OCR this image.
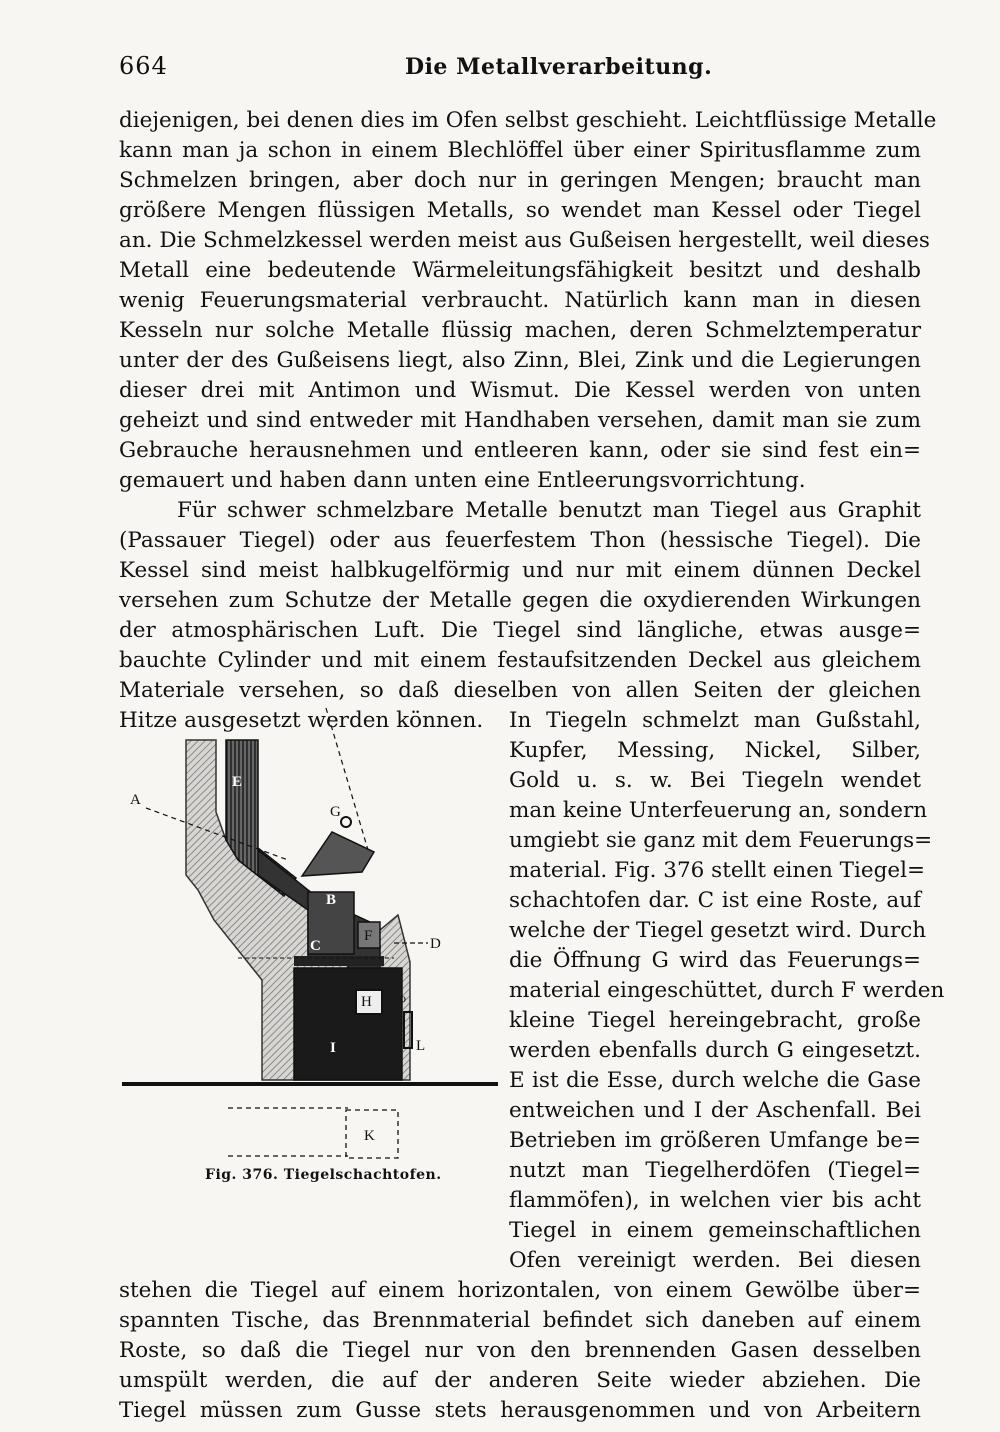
664	Die Metallverarbeitung.
diejenigen, bei denen dies im Ofen selbst geschieht. Leichtflüssige Metalle
kann man ja schon in einem Blechlöffel über einer Spiritusflamme zum
Schmelzen bringen, aber doch nur in geringen Mengen; braucht man
größere Mengen flüssigen Metalls, so wendet man Kessel oder Tiegel
an. Die Schmelzkessel werden meist aus Gußeisen hergestellt, weil dieses
Metall eine bedeutende Wärmeleitungsfähigkeit besitzt und deshalb
wenig Feuerungsmaterial verbraucht. Natürlich kann man in diesen
Kesseln nur solche Metalle flüssig machen, deren Schmelztemperatur
unter der des Gußeisens liegt, also Zinn, Blei, Zink und die Legierungen
dieser drei mit Antimon und Wismut. Die Kessel werden von unten
geheizt und sind entweder mit Handhaben versehen, damit man sie zum
Gebrauche herausnehmen und entleeren kann, oder sie sind fest ein=
gemauert und haben dann unten eine Entleerungsvorrichtung.
Für schwer schmelzbare Metalle benutzt man Tiegel aus Graphit
(Passauer Tiegel) oder aus feuerfestem Thon (hessische Tiegel). Die
Kessel sind meist halbkugelförmig und nur mit einem dünnen Deckel
versehen zum Schutze der Metalle gegen die oxydierenden Wirkungen
der atmosphärischen Luft. Die Tiegel sind längliche, etwas ausge=
bauchte Cylinder und mit einem festaufsitzenden Deckel aus gleichem
Materiale versehen, so daß dieselben von allen Seiten der gleichen
Hitze ausgesetzt werden können.	In Tiegeln schmelzt man Gußstahl,
Kupfer, Messing, Nickel, Silber,
Gold u. s. w. Bei Tiegeln wendet
man keine Unterfeuerung an, sondern
umgiebt sie ganz mit dem Feuerungs=
material. Fig. 376 stellt einen Tiegel=
schachtofen dar. C ist eine Roste, auf
welche der Tiegel gesetzt wird. Durch
die Öffnung G wird das Feuerungs=
material eingeschüttet, durch F werden
kleine Tiegel hereingebracht, große
werden ebenfalls durch G eingesetzt.
E ist die Esse, durch welche die Gase
entweichen und I der Aschenfall. Bei
Betrieben im größeren Umfange be=
nutzt man Tiegelherdöfen (Tiegel=
flammöfen), in welchen vier bis acht
Tiegel in einem gemeinschaftlichen
Ofen vereinigt werden. Bei diesen
stehen die Tiegel auf einem horizontalen, von einem Gewölbe über=
spannten Tische, das Brennmaterial befindet sich daneben auf einem
Roste, so daß die Tiegel nur von den brennenden Gasen desselben
umspült werden, die auf der anderen Seite wieder abziehen. Die
Tiegel müssen zum Gusse stets herausgenommen und von Arbeitern
A
G
E
B
C
F	D
H o
I	L
K
Fig. 376. Tiegelschachtofen.
